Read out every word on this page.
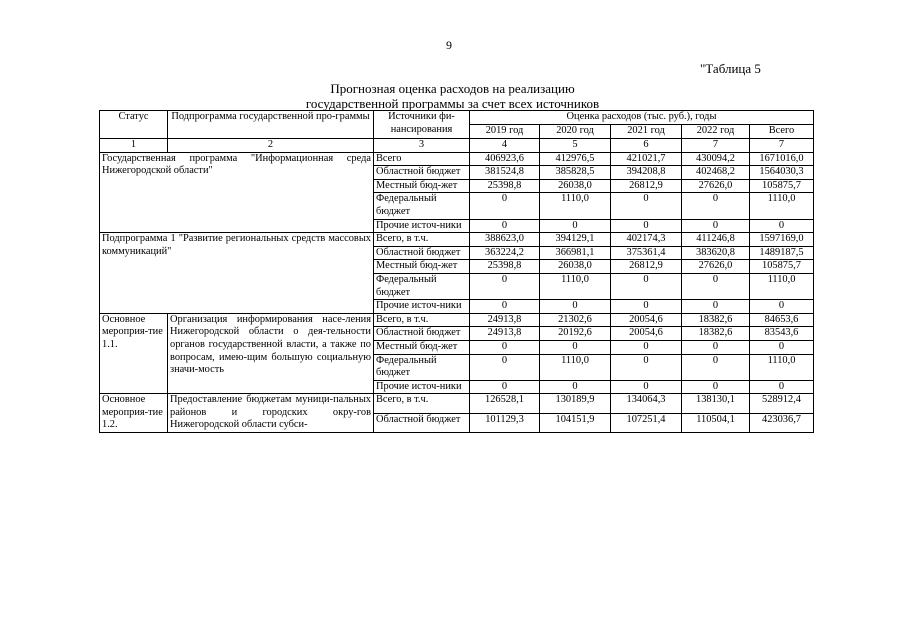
9
"Таблица 5
Прогнозная оценка расходов на реализацию
государственной программы за счет всех источников
Статус	Подпрограмма государственной про-граммы	Источники фи-нансирования	Оценка расходов (тыс. руб.), годы				
			2019 год	2020 год	2021 год	2022 год	Всего
1	2	3	4	5	6	7	7
Государственная программа "Информационная среда Нижегородской области"		Всего	406923,6	412976,5	421021,7	430094,2	1671016,0
		Областной бюджет	381524,8	385828,5	394208,8	402468,2	1564030,3
		Местный бюд-жет	25398,8	26038,0	26812,9	27626,0	105875,7
		Федеральный бюджет	0	1110,0	0	0	1110,0
		Прочие источ-ники	0	0	0	0	0
Подпрограмма 1 "Развитие региональных средств массовых коммуникаций"		Всего, в т.ч.	388623,0	394129,1	402174,3	411246,8	1597169,0
		Областной бюджет	363224,2	366981,1	375361,4	383620,8	1489187,5
		Местный бюд-жет	25398,8	26038,0	26812,9	27626,0	105875,7
		Федеральный бюджет	0	1110,0	0	0	1110,0
		Прочие источ-ники	0	0	0	0	0
Основное мероприя-тие 1.1.	Организация информирования насе-ления Нижегородской области о дея-тельности органов государственной власти, а также по вопросам, имею-щим большую социальную значи-мость	Всего, в т.ч.	24913,8	21302,6	20054,6	18382,6	84653,6
		Областной бюджет	24913,8	20192,6	20054,6	18382,6	83543,6
		Местный бюд-жет	0	0	0	0	0
		Федеральный бюджет	0	1110,0	0	0	1110,0
		Прочие источ-ники	0	0	0	0	0
Основное мероприя-тие 1.2.	Предоставление бюджетам муници-пальных районов и городских окру-гов Нижегородской области субси-	Всего, в т.ч.	126528,1	130189,9	134064,3	138130,1	528912,4
		Областной бюджет	101129,3	104151,9	107251,4	110504,1	423036,7
